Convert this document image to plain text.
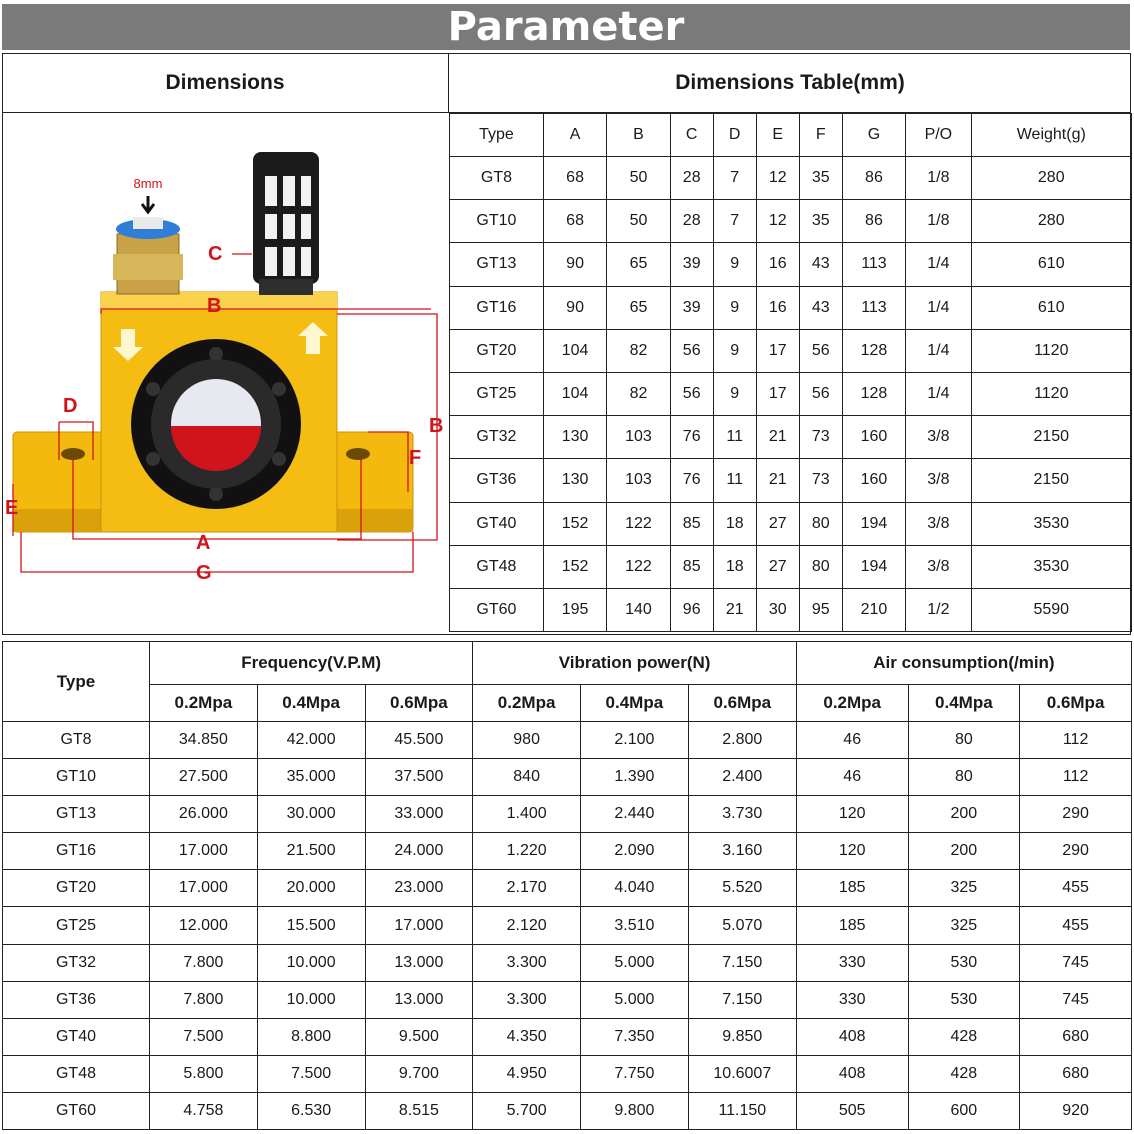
Parameter
Dimensions	Dimensions Table(mm)
8mm
C
B
B
D
F
E
A
G
Type	A	B	C	D	E	F	G	P/O	Weight(g)
GT8	68	50	28	7	12	35	86	1/8	280
GT10	68	50	28	7	12	35	86	1/8	280
GT13	90	65	39	9	16	43	113	1/4	610
GT16	90	65	39	9	16	43	113	1/4	610
GT20	104	82	56	9	17	56	128	1/4	1120
GT25	104	82	56	9	17	56	128	1/4	1120
GT32	130	103	76	11	21	73	160	3/8	2150
GT36	130	103	76	11	21	73	160	3/8	2150
GT40	152	122	85	18	27	80	194	3/8	3530
GT48	152	122	85	18	27	80	194	3/8	3530
GT60	195	140	96	21	30	95	210	1/2	5590
Type	Frequency(V.P.M)			Vibration power(N)			Air consumption(/min)		
	0.2Mpa	0.4Mpa	0.6Mpa	0.2Mpa	0.4Mpa	0.6Mpa	0.2Mpa	0.4Mpa	0.6Mpa
GT8	34.850	42.000	45.500	980	2.100	2.800	46	80	112
GT10	27.500	35.000	37.500	840	1.390	2.400	46	80	112
GT13	26.000	30.000	33.000	1.400	2.440	3.730	120	200	290
GT16	17.000	21.500	24.000	1.220	2.090	3.160	120	200	290
GT20	17.000	20.000	23.000	2.170	4.040	5.520	185	325	455
GT25	12.000	15.500	17.000	2.120	3.510	5.070	185	325	455
GT32	7.800	10.000	13.000	3.300	5.000	7.150	330	530	745
GT36	7.800	10.000	13.000	3.300	5.000	7.150	330	530	745
GT40	7.500	8.800	9.500	4.350	7.350	9.850	408	428	680
GT48	5.800	7.500	9.700	4.950	7.750	10.6007	408	428	680
GT60	4.758	6.530	8.515	5.700	9.800	11.150	505	600	920
